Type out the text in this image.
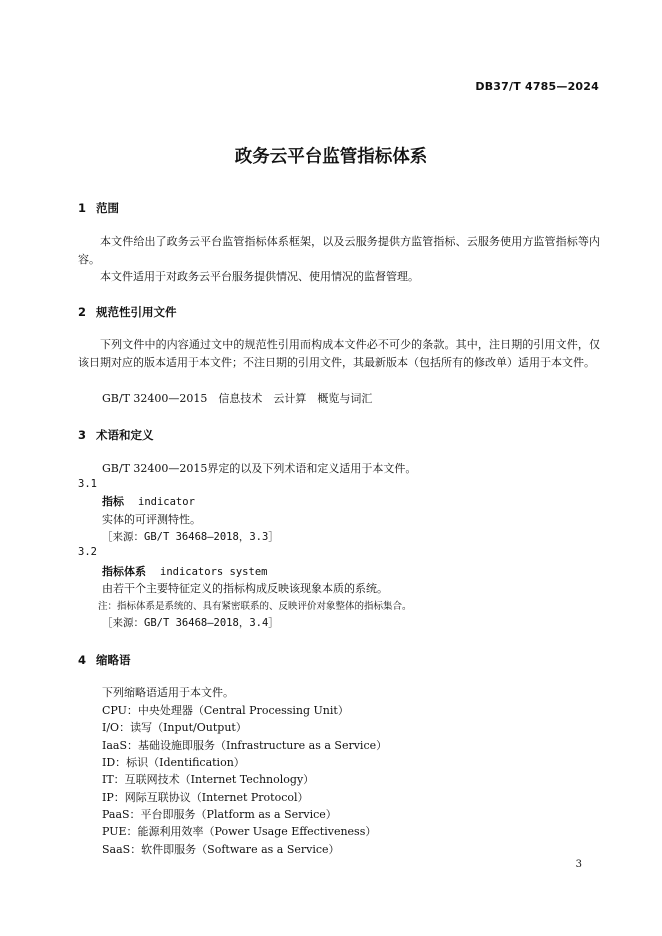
DB37/T 4785—2024
政务云平台监管指标体系
1 范围

本文件给出了政务云平台监管指标体系框架，以及云服务提供方监管指标、云服务使用方监管指标等内容。

本文件适用于对政务云平台服务提供情况、使用情况的监督管理。

2 规范性引用文件

下列文件中的内容通过文中的规范性引用而构成本文件必不可少的条款。其中，注日期的引用文件，仅该日期对应的版本适用于本文件；不注日期的引用文件，其最新版本（包括所有的修改单）适用于本文件。

GB/T 32400—2015　信息技术　云计算　概览与词汇
3 术语和定义
GB/T 32400—2015界定的以及下列术语和定义适用于本文件。
3.1
指标 indicator
实体的可评测特性。
［来源：GB/T 36468—2018，3.3］
3.2
指标体系 indicators system
由若干个主要特征定义的指标构成反映该现象本质的系统。
注：指标体系是系统的、具有紧密联系的、反映评价对象整体的指标集合。
［来源：GB/T 36468—2018，3.4］
4 缩略语
下列缩略语适用于本文件。
CPU：中央处理器（Central Processing Unit）
I/O：读写（Input/Output）
IaaS：基础设施即服务（Infrastructure as a Service）
ID：标识（Identification）
IT：互联网技术（Internet Technology）
IP：网际互联协议（Internet Protocol）
PaaS：平台即服务（Platform as a Service）
PUE：能源利用效率（Power Usage Effectiveness）
SaaS：软件即服务（Software as a Service）
3
